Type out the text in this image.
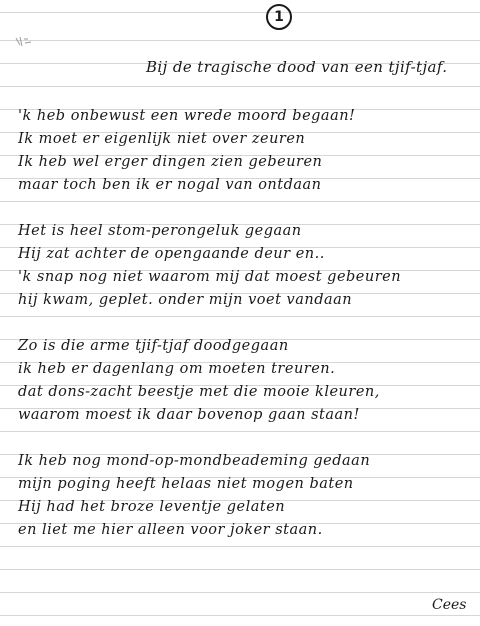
1
Bij de tragische dood van een tjif-tjaf.
'k heb onbewust een wrede moord begaan!
Ik moet er eigenlijk niet over zeuren
Ik heb wel erger dingen zien gebeuren
maar toch ben ik er nogal van ontdaan
Het is heel stom-perongeluk gegaan
Hij zat achter de opengaande deur en..
'k snap nog niet waarom mij dat moest gebeuren
hij kwam, geplet. onder mijn voet vandaan
Zo is die arme tjif-tjaf doodgegaan
ik heb er dagenlang om moeten treuren.
dat dons-zacht beestje met die mooie kleuren,
waarom moest ik daar bovenop gaan staan!
Ik heb nog mond-op-mondbeademing gedaan
mijn poging heeft helaas niet mogen baten
Hij had het broze leventje gelaten
en liet me hier alleen voor joker staan.
Cees
